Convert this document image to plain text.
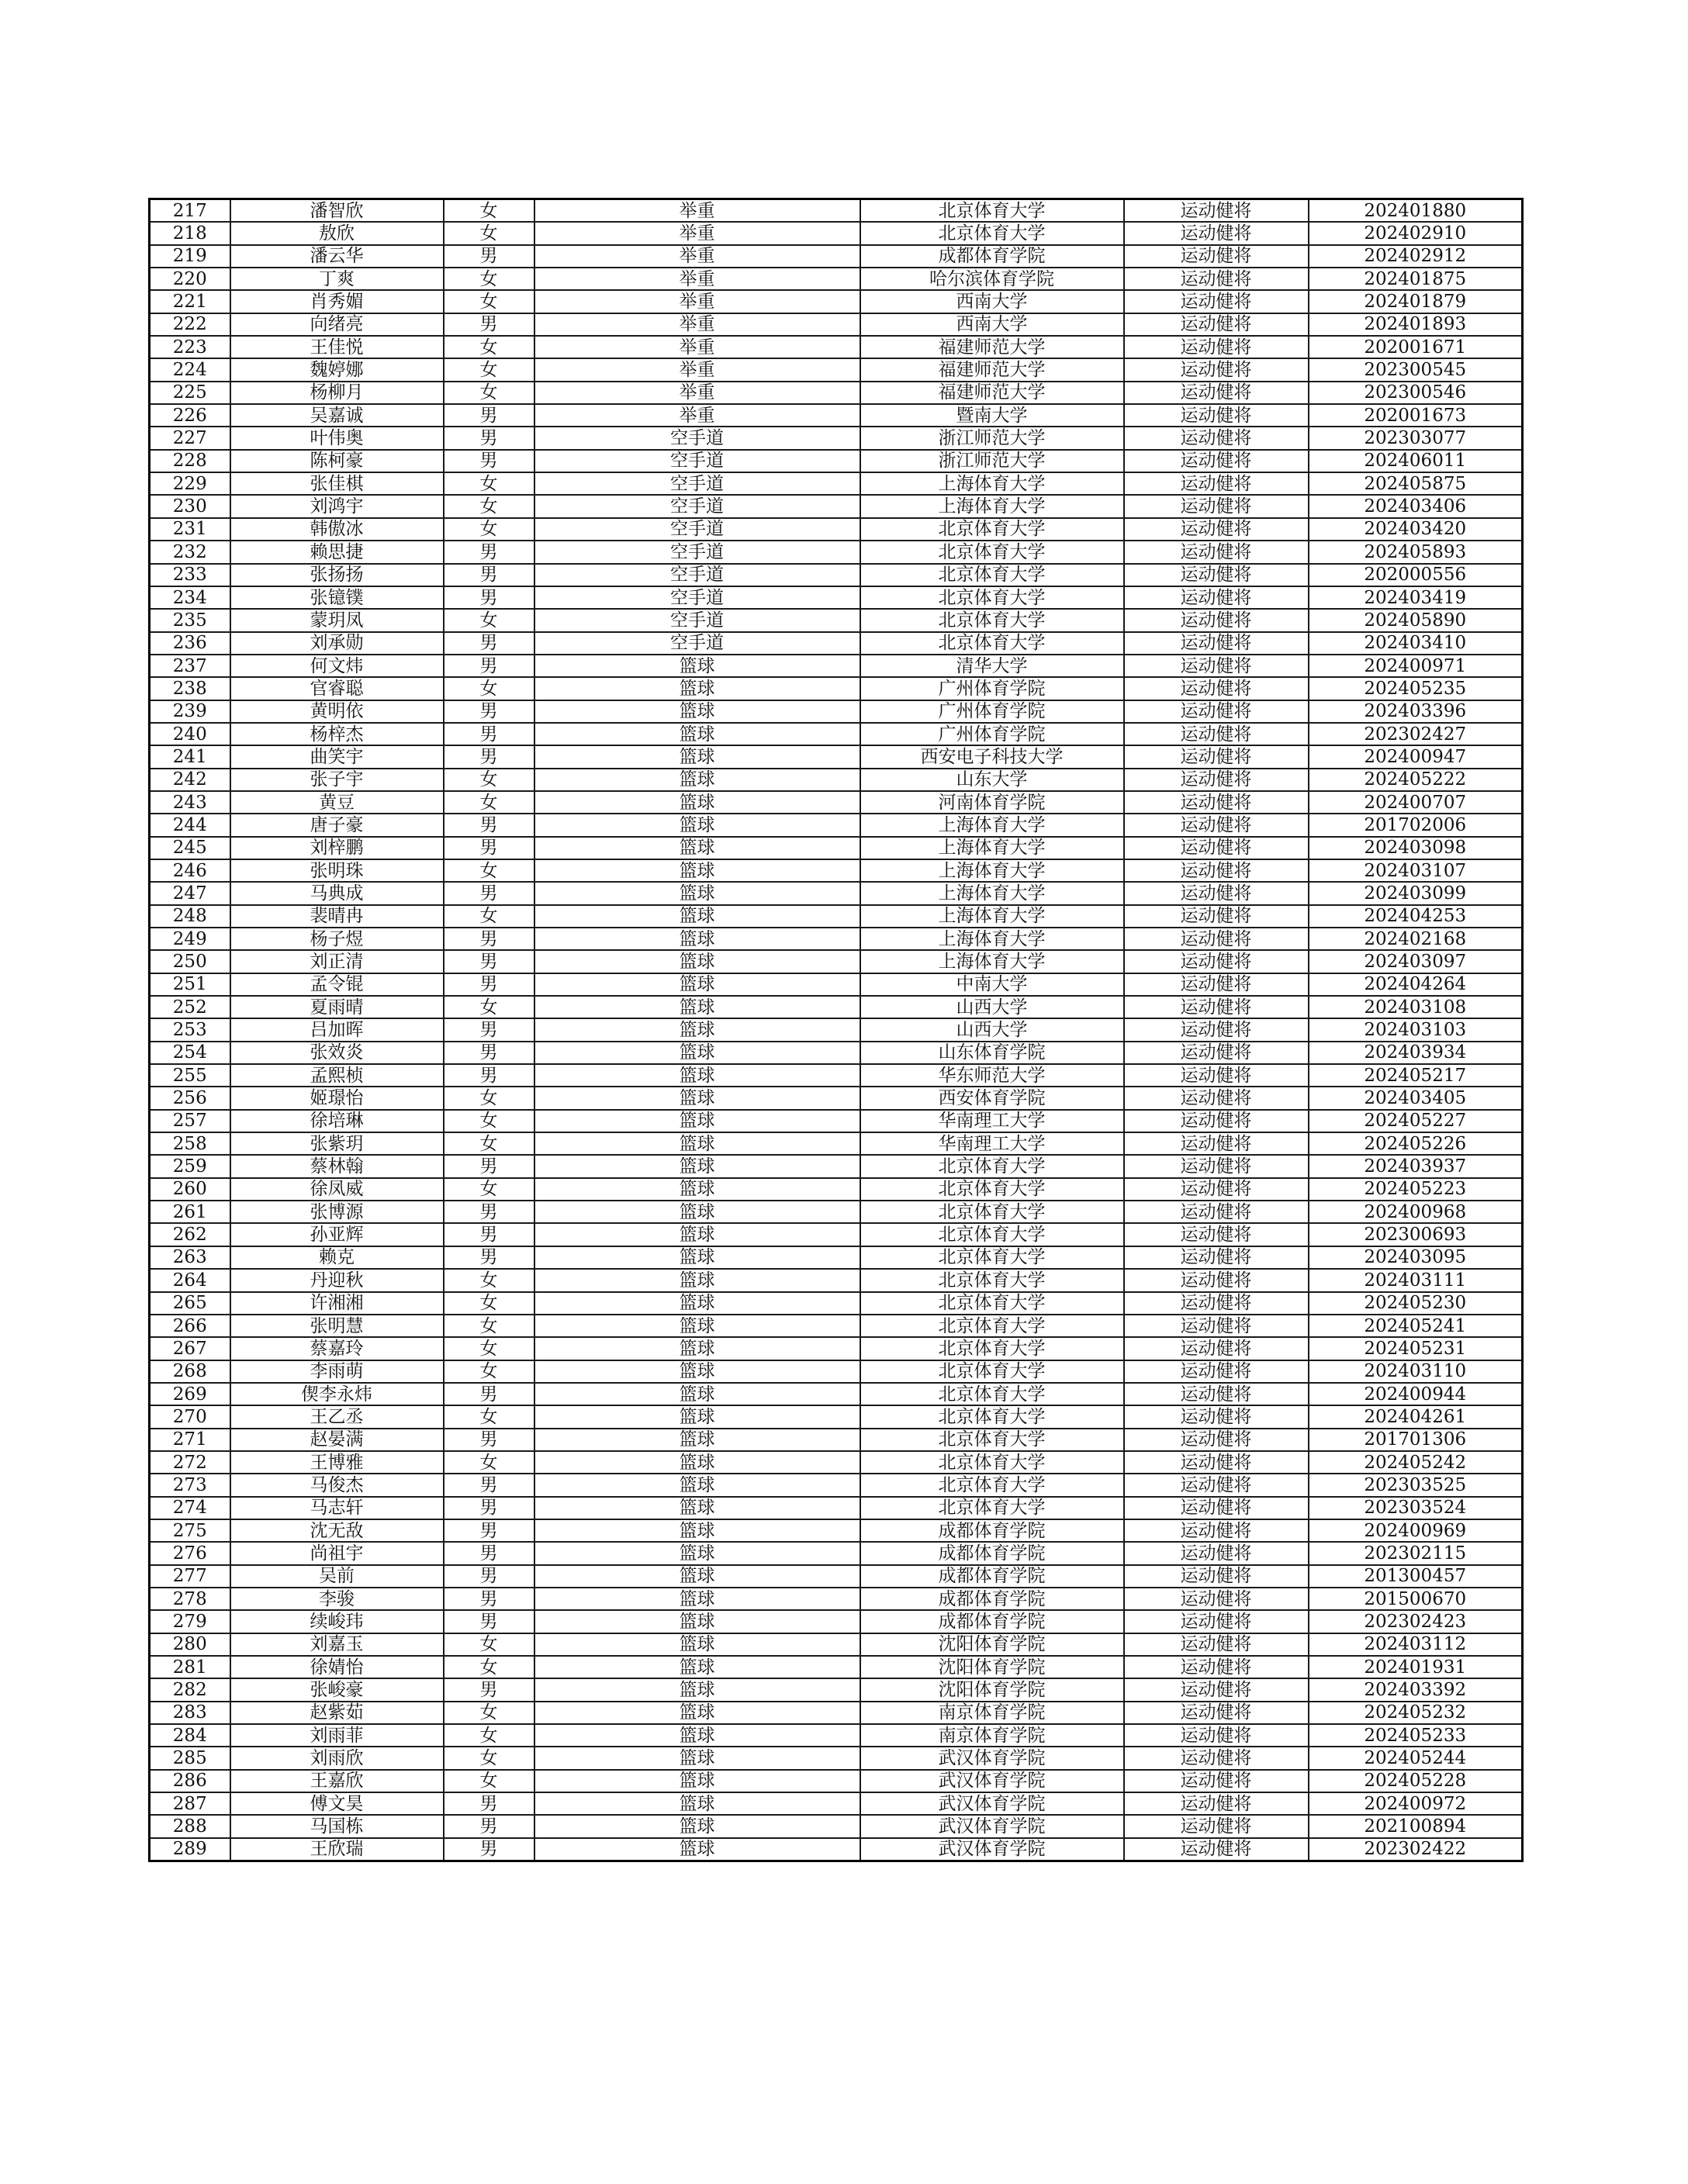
217	潘智欣	女	举重	北京体育大学	运动健将	202401880
218	敖欣	女	举重	北京体育大学	运动健将	202402910
219	潘云华	男	举重	成都体育学院	运动健将	202402912
220	丁爽	女	举重	哈尔滨体育学院	运动健将	202401875
221	肖秀媚	女	举重	西南大学	运动健将	202401879
222	向绪亮	男	举重	西南大学	运动健将	202401893
223	王佳悦	女	举重	福建师范大学	运动健将	202001671
224	魏婷娜	女	举重	福建师范大学	运动健将	202300545
225	杨柳月	女	举重	福建师范大学	运动健将	202300546
226	吴嘉诚	男	举重	暨南大学	运动健将	202001673
227	叶伟奥	男	空手道	浙江师范大学	运动健将	202303077
228	陈柯豪	男	空手道	浙江师范大学	运动健将	202406011
229	张佳棋	女	空手道	上海体育大学	运动健将	202405875
230	刘鸿宇	女	空手道	上海体育大学	运动健将	202403406
231	韩傲冰	女	空手道	北京体育大学	运动健将	202403420
232	赖思捷	男	空手道	北京体育大学	运动健将	202405893
233	张扬扬	男	空手道	北京体育大学	运动健将	202000556
234	张镱镤	男	空手道	北京体育大学	运动健将	202403419
235	蒙玥凤	女	空手道	北京体育大学	运动健将	202405890
236	刘承勋	男	空手道	北京体育大学	运动健将	202403410
237	何文炜	男	篮球	清华大学	运动健将	202400971
238	官睿聪	女	篮球	广州体育学院	运动健将	202405235
239	黄明依	男	篮球	广州体育学院	运动健将	202403396
240	杨梓杰	男	篮球	广州体育学院	运动健将	202302427
241	曲笑宇	男	篮球	西安电子科技大学	运动健将	202400947
242	张子宇	女	篮球	山东大学	运动健将	202405222
243	黄豆	女	篮球	河南体育学院	运动健将	202400707
244	唐子豪	男	篮球	上海体育大学	运动健将	201702006
245	刘梓鹏	男	篮球	上海体育大学	运动健将	202403098
246	张明珠	女	篮球	上海体育大学	运动健将	202403107
247	马典成	男	篮球	上海体育大学	运动健将	202403099
248	裴晴冉	女	篮球	上海体育大学	运动健将	202404253
249	杨子煜	男	篮球	上海体育大学	运动健将	202402168
250	刘正清	男	篮球	上海体育大学	运动健将	202403097
251	孟令锟	男	篮球	中南大学	运动健将	202404264
252	夏雨晴	女	篮球	山西大学	运动健将	202403108
253	吕加晖	男	篮球	山西大学	运动健将	202403103
254	张效炎	男	篮球	山东体育学院	运动健将	202403934
255	孟熙桢	男	篮球	华东师范大学	运动健将	202405217
256	姬璟怡	女	篮球	西安体育学院	运动健将	202403405
257	徐培琳	女	篮球	华南理工大学	运动健将	202405227
258	张紫玥	女	篮球	华南理工大学	运动健将	202405226
259	蔡林翰	男	篮球	北京体育大学	运动健将	202403937
260	徐凤威	女	篮球	北京体育大学	运动健将	202405223
261	张博源	男	篮球	北京体育大学	运动健将	202400968
262	孙亚辉	男	篮球	北京体育大学	运动健将	202300693
263	赖克	男	篮球	北京体育大学	运动健将	202403095
264	丹迎秋	女	篮球	北京体育大学	运动健将	202403111
265	许湘湘	女	篮球	北京体育大学	运动健将	202405230
266	张明慧	女	篮球	北京体育大学	运动健将	202405241
267	蔡嘉玲	女	篮球	北京体育大学	运动健将	202405231
268	李雨萌	女	篮球	北京体育大学	运动健将	202403110
269	偰李永炜	男	篮球	北京体育大学	运动健将	202400944
270	王乙丞	女	篮球	北京体育大学	运动健将	202404261
271	赵晏满	男	篮球	北京体育大学	运动健将	201701306
272	王博雅	女	篮球	北京体育大学	运动健将	202405242
273	马俊杰	男	篮球	北京体育大学	运动健将	202303525
274	马志轩	男	篮球	北京体育大学	运动健将	202303524
275	沈无敌	男	篮球	成都体育学院	运动健将	202400969
276	尚祖宇	男	篮球	成都体育学院	运动健将	202302115
277	吴前	男	篮球	成都体育学院	运动健将	201300457
278	李骏	男	篮球	成都体育学院	运动健将	201500670
279	续峻玮	男	篮球	成都体育学院	运动健将	202302423
280	刘嘉玉	女	篮球	沈阳体育学院	运动健将	202403112
281	徐婧怡	女	篮球	沈阳体育学院	运动健将	202401931
282	张峻豪	男	篮球	沈阳体育学院	运动健将	202403392
283	赵紫茹	女	篮球	南京体育学院	运动健将	202405232
284	刘雨菲	女	篮球	南京体育学院	运动健将	202405233
285	刘雨欣	女	篮球	武汉体育学院	运动健将	202405244
286	王嘉欣	女	篮球	武汉体育学院	运动健将	202405228
287	傅文昊	男	篮球	武汉体育学院	运动健将	202400972
288	马国栋	男	篮球	武汉体育学院	运动健将	202100894
289	王欣瑞	男	篮球	武汉体育学院	运动健将	202302422
